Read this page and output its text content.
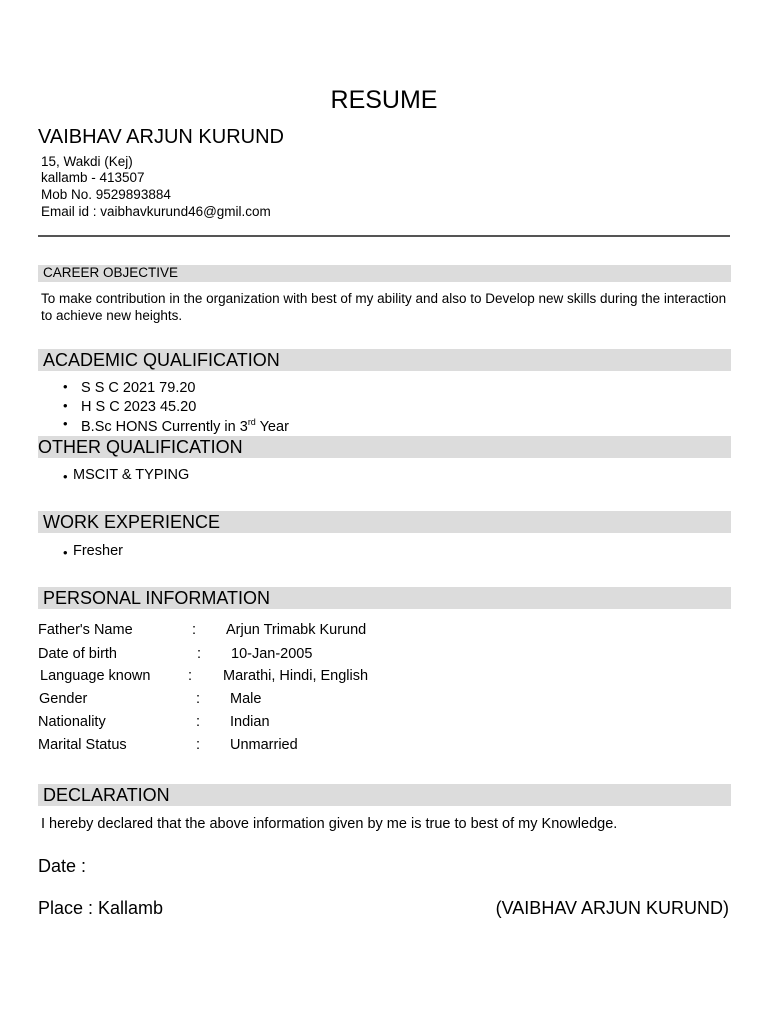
RESUME
VAIBHAV ARJUN KURUND
15, Wakdi (Kej)
kallamb - 413507
Mob No. 9529893884
Email id : vaibhavkurund46@gmil.com
CAREER OBJECTIVE
To make contribution in the organization with best of my ability and also to Develop new skills during the interaction to achieve new heights.
ACADEMIC QUALIFICATION
• S S C 2021 79.20
• H S C 2023 45.20
• B.Sc HONS Currently in 3rd Year
OTHER QUALIFICATION
• MSCIT & TYPING
WORK EXPERIENCE
• Fresher
PERSONAL INFORMATION
Father's Name	: Arjun Trimabk Kurund
Date of birth	: 10-Jan-2005
Language known	: Marathi, Hindi, English
Gender	: Male
Nationality	: Indian
Marital Status	: Unmarried
DECLARATION
I hereby declared that the above information given by me is true to best of my Knowledge.
Date :
Place : Kallamb	(VAIBHAV ARJUN KURUND)
